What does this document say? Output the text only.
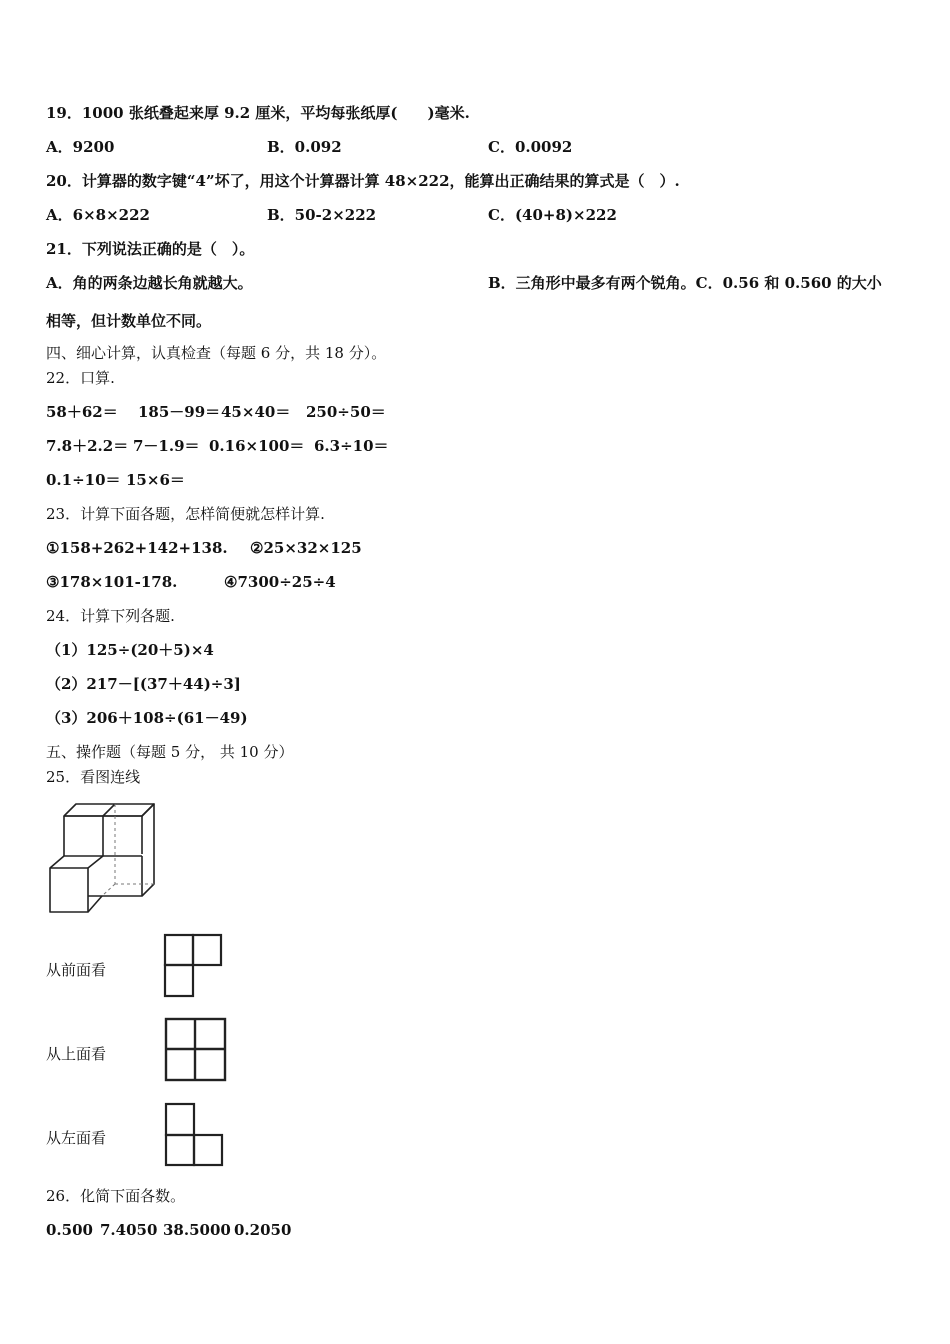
19．1000 张纸叠起来厚 9.2 厘米，平均每张纸厚(　　)毫米.
A．9200	B．0.092	C．0.0092
20．计算器的数字键“4”坏了，用这个计算器计算 48×222，能算出正确结果的算式是（　）.
A．6×8×222	B．50-2×222	C．(40+8)×222
21．下列说法正确的是（　）。
A．角的两条边越长角就越大。	B．三角形中最多有两个锐角。C．0.56 和 0.560 的大小
相等，但计数单位不同。
四、细心计算，认真检查（每题 6 分，共 18 分）。
22．口算.
58＋62＝ 185－99＝ 45×40＝ 250÷50＝
7.8＋2.2＝ 7－1.9＝ 0.16×100＝ 6.3÷10＝
0.1÷10＝ 15×6＝
23．计算下面各题，怎样简便就怎样计算.
①158+262+142+138. ②25×32×125
③178×101-178.	④7300÷25÷4
24．计算下列各题.
（1）125÷(20＋5)×4
（2）217－[(37＋44)÷3]
（3）206＋108÷(61－49)
五、操作题（每题 5 分， 共 10 分）
25．看图连线
从前面看
从上面看
从左面看
26．化简下面各数。
0.500 7.4050 38.5000 0.2050
